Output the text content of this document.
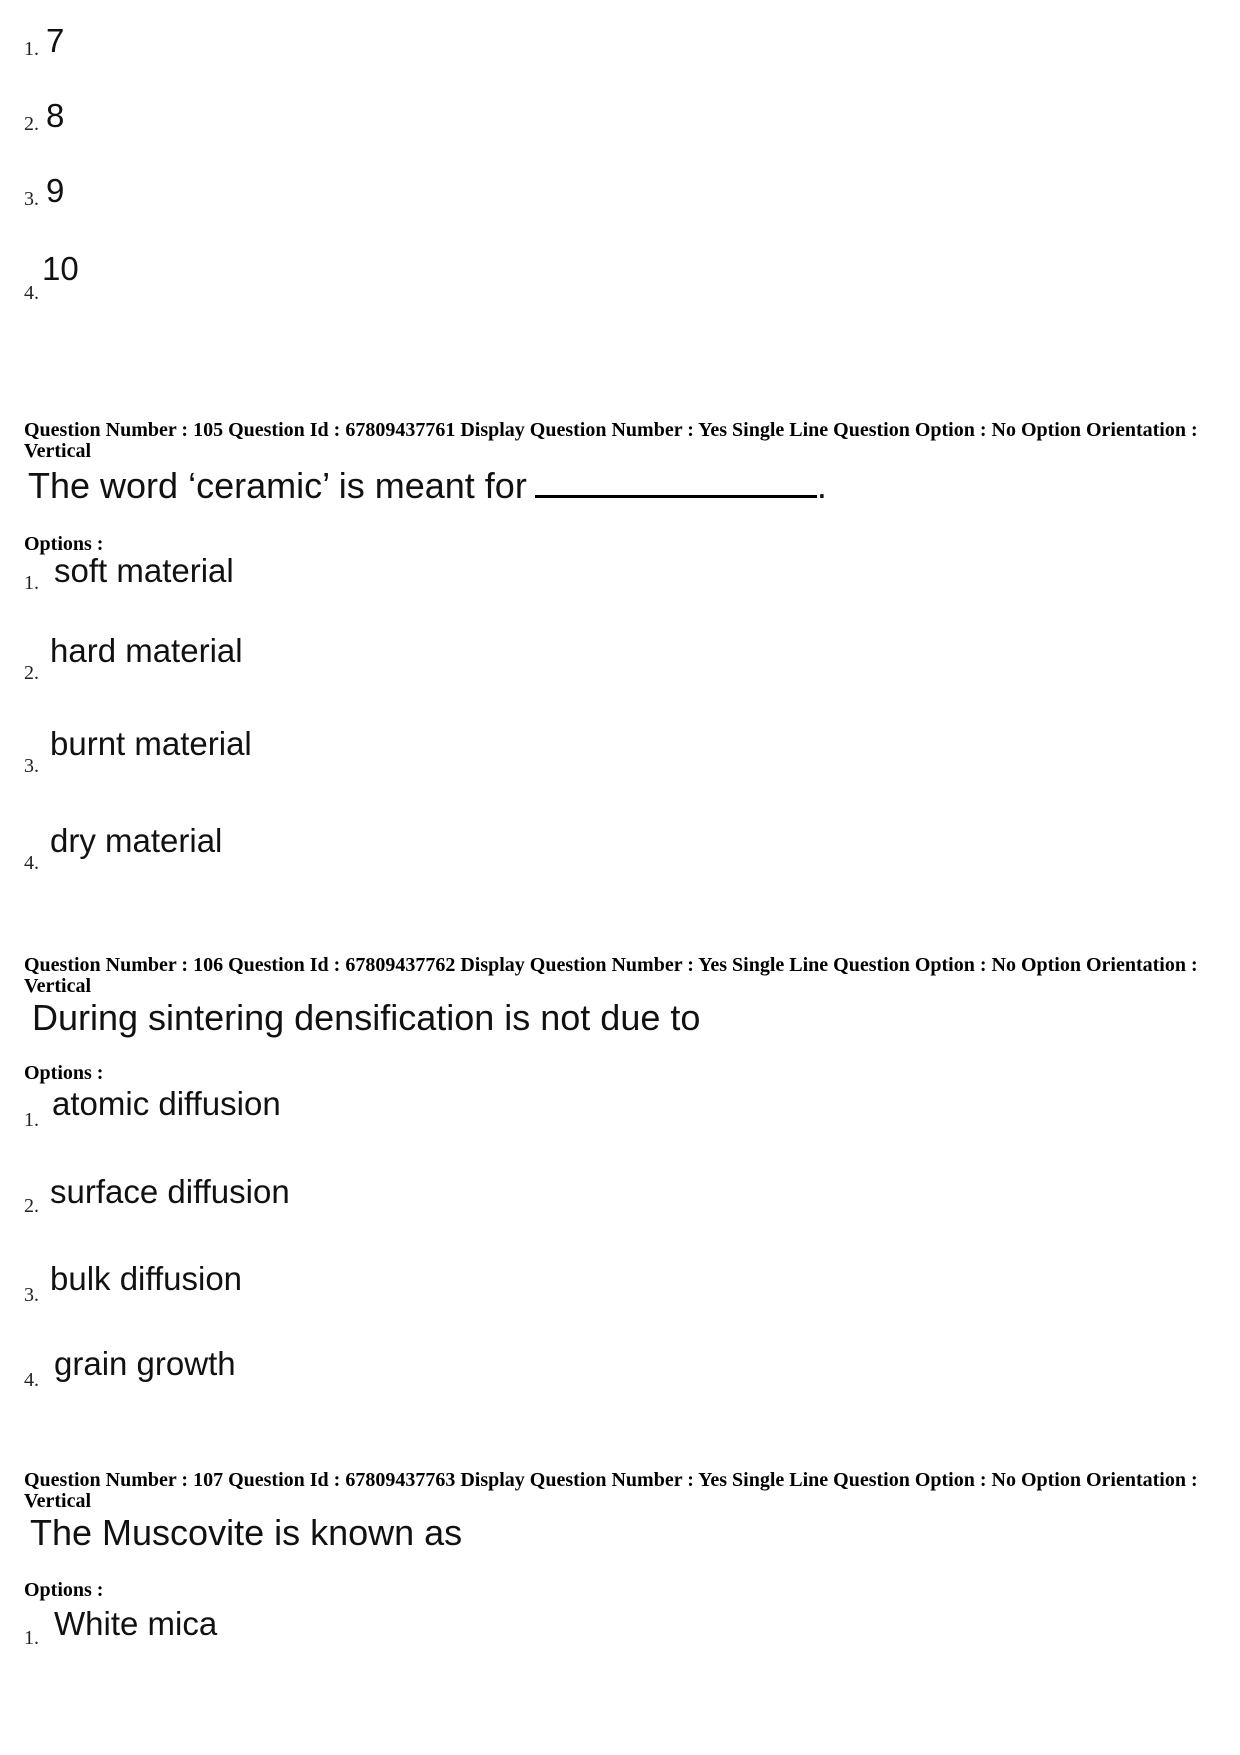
1. 7
2. 8
3. 9
4.
10
Question Number : 105 Question Id : 67809437761 Display Question Number : Yes Single Line Question Option : No Option Orientation : Vertical
The word ‘ceramic’ is meant for	.
Options :
1. soft material
2.
hard material
3.
burnt material
4.
dry material
Question Number : 106 Question Id : 67809437762 Display Question Number : Yes Single Line Question Option : No Option Orientation : Vertical
During sintering densification is not due to
Options :
1. atomic diffusion
2. surface diffusion
3. bulk diffusion
4. grain growth
Question Number : 107 Question Id : 67809437763 Display Question Number : Yes Single Line Question Option : No Option Orientation : Vertical
The Muscovite is known as
Options :
1. White mica
